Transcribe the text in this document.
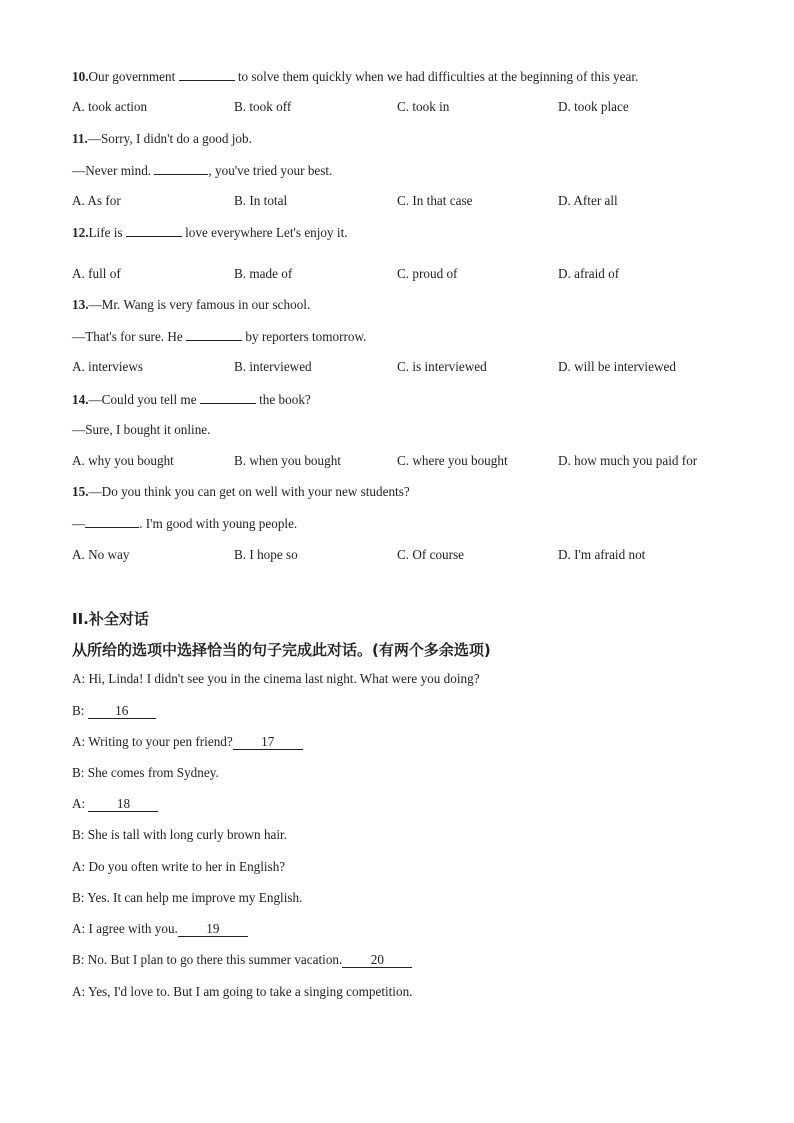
10.Our government	to solve them quickly when we had difficulties at the beginning of this year.
A. took action	B. took off	C. took in	D. took place
11.—Sorry, I didn't do a good job.
—Never mind.	, you've tried your best.
A. As for	B. In total	C. In that case	D. After all
12.Life is	love everywhere Let's enjoy it.
A. full of	B. made of	C. proud of	D. afraid of
13.—Mr. Wang is very famous in our school.
—That's for sure. He	by reporters tomorrow.
A. interviews	B. interviewed	C. is interviewed	D. will be interviewed
14.—Could you tell me	the book?
—Sure, I bought it online.
A. why you bought	B. when you bought	C. where you bought	D. how much you paid for
15.—Do you think you can get on well with your new students?
—	. I'm good with young people.
A. No way	B. I hope so	C. Of course	D. I'm afraid not
II.补全对话
从所给的选项中选择恰当的句子完成此对话。(有两个多余选项)
A: Hi, Linda! I didn't see you in the cinema last night. What were you doing?
B: 16
A: Writing to your pen friend? 17
B: She comes from Sydney.
A: 18
B: She is tall with long curly brown hair.
A: Do you often write to her in English?
B: Yes. It can help me improve my English.
A: I agree with you. 19
B: No. But I plan to go there this summer vacation. 20
A: Yes, I'd love to. But I am going to take a singing competition.
